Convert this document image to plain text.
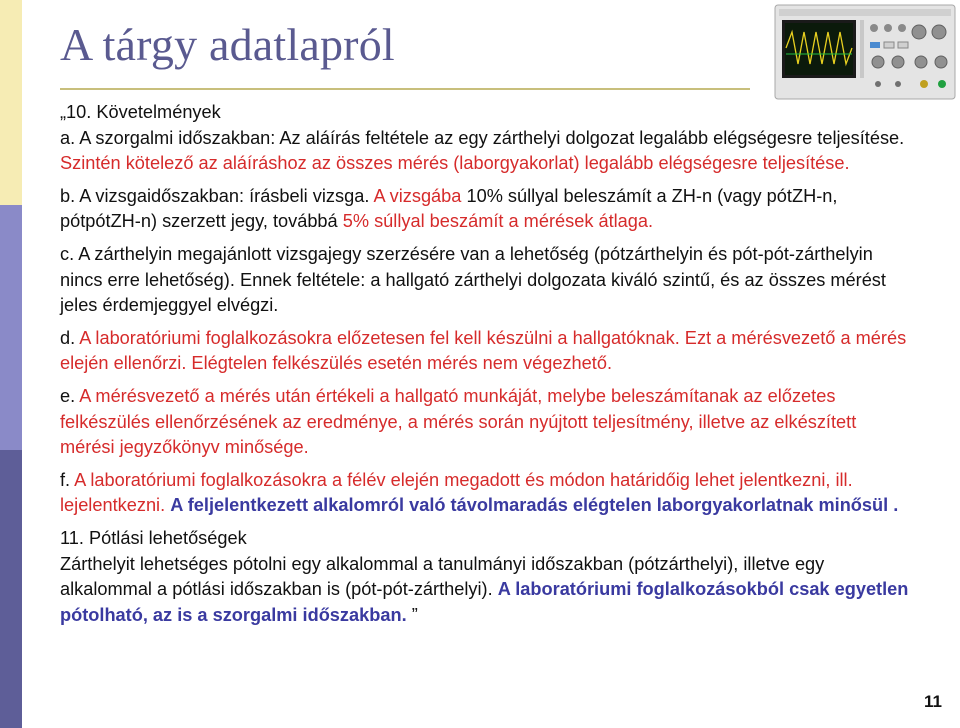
A tárgy adatlapról

„10. Követelmények

a. A szorgalmi időszakban: Az aláírás feltétele az egy zárthelyi dolgozat legalább elégségesre teljesítése. Szintén kötelező az aláíráshoz az összes mérés (laborgyakorlat) legalább elégségesre teljesítése.

b. A vizsgaidőszakban: írásbeli vizsga. A vizsgába 10% súllyal beleszámít a ZH-n (vagy pótZH-n, pótpótZH-n) szerzett jegy, továbbá 5% súllyal beszámít a mérések átlaga.

c. A zárthelyin megajánlott vizsgajegy szerzésére van a lehetőség (pótzárthelyin és pót-pót-zárthelyin nincs erre lehetőség). Ennek feltétele: a hallgató zárthelyi dolgozata kiváló szintű, és az összes mérést jeles érdemjeggyel elvégzi.

d. A laboratóriumi foglalkozásokra előzetesen fel kell készülni a hallgatóknak. Ezt a mérésvezető a mérés elején ellenőrzi. Elégtelen felkészülés esetén mérés nem végezhető.

e. A mérésvezető a mérés után értékeli a hallgató munkáját, melybe beleszámítanak az előzetes felkészülés ellenőrzésének az eredménye, a mérés során nyújtott teljesítmény, illetve az elkészített mérési jegyzőkönyv minősége.

f. A laboratóriumi foglalkozásokra a félév elején megadott és módon határidőig lehet jelentkezni, ill. lejelentkezni. A feljelentkezett alkalomról való távolmaradás elégtelen laborgyakorlatnak minősül .

11. Pótlási lehetőségek

Zárthelyit lehetséges pótolni egy alkalommal a tanulmányi időszakban (pótzárthelyi), illetve egy alkalommal a pótlási időszakban is (pót-pót-zárthelyi). A laboratóriumi foglalkozásokból csak egyetlen pótolható, az is a szorgalmi időszakban. ”

11
